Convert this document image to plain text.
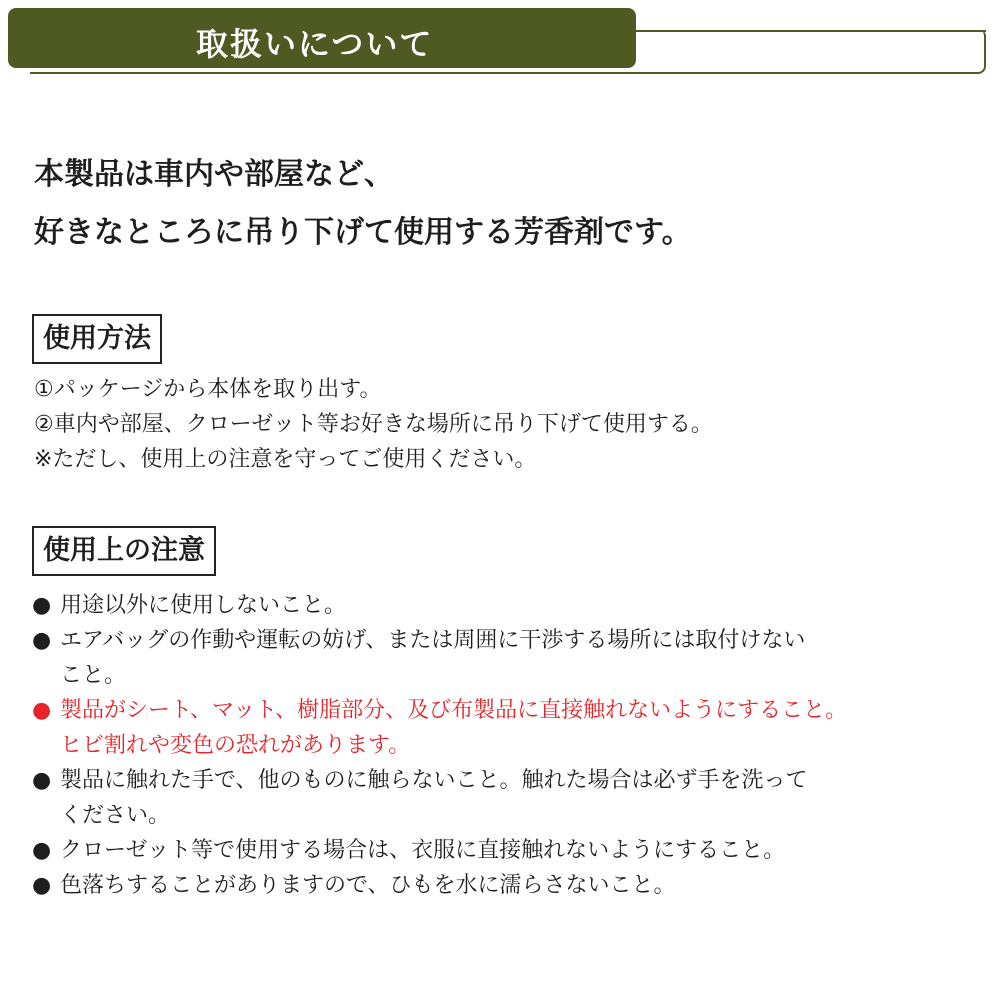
取扱いについて
本製品は車内や部屋など、
好きなところに吊り下げて使用する芳香剤です。
使用方法
①パッケージから本体を取り出す。
②車内や部屋、クローゼット等お好きな場所に吊り下げて使用する。
※ただし、使用上の注意を守ってご使用ください。
使用上の注意
● 用途以外に使用しないこと。
● エアバッグの作動や運転の妨げ、または周囲に干渉する場所には取付けない
こと。
● 製品がシート、マット、樹脂部分、及び布製品に直接触れないようにすること。
ヒビ割れや変色の恐れがあります。
● 製品に触れた手で、他のものに触らないこと。触れた場合は必ず手を洗って
ください。
● クローゼット等で使用する場合は、衣服に直接触れないようにすること。
● 色落ちすることがありますので、ひもを水に濡らさないこと。
